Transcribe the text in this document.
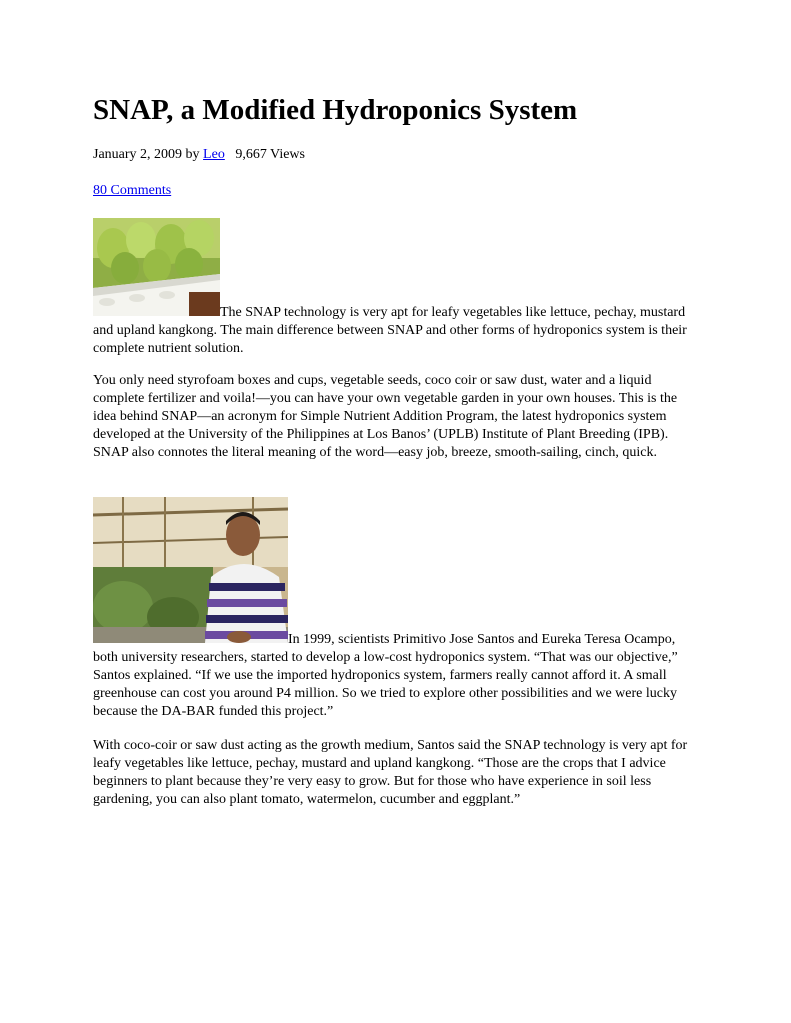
SNAP, a Modified Hydroponics System
January 2, 2009 by Leo 9,667 Views
80 Comments

The SNAP technology is very apt for leafy vegetables like lettuce, pechay, mustard and upland kangkong. The main difference between SNAP and other forms of hydroponics system is their complete nutrient solution.

You only need styrofoam boxes and cups, vegetable seeds, coco coir or saw dust, water and a liquid complete fertilizer and voila!—you can have your own vegetable garden in your own houses. This is the idea behind SNAP—an acronym for Simple Nutrient Addition Program, the latest hydroponics system developed at the University of the Philippines at Los Banos’ (UPLB) Institute of Plant Breeding (IPB). SNAP also connotes the literal meaning of the word—easy job, breeze, smooth-sailing, cinch, quick.

In 1999, scientists Primitivo Jose Santos and Eureka Teresa Ocampo, both university researchers, started to develop a low-cost hydroponics system. “That was our objective,” Santos explained. “If we use the imported hydroponics system, farmers really cannot afford it. A small greenhouse can cost you around P4 million. So we tried to explore other possibilities and we were lucky because the DA-BAR funded this project.”

With coco-coir or saw dust acting as the growth medium, Santos said the SNAP technology is very apt for leafy vegetables like lettuce, pechay, mustard and upland kangkong. “Those are the crops that I advice beginners to plant because they’re very easy to grow. But for those who have experience in soil less gardening, you can also plant tomato, watermelon, cucumber and eggplant.”
